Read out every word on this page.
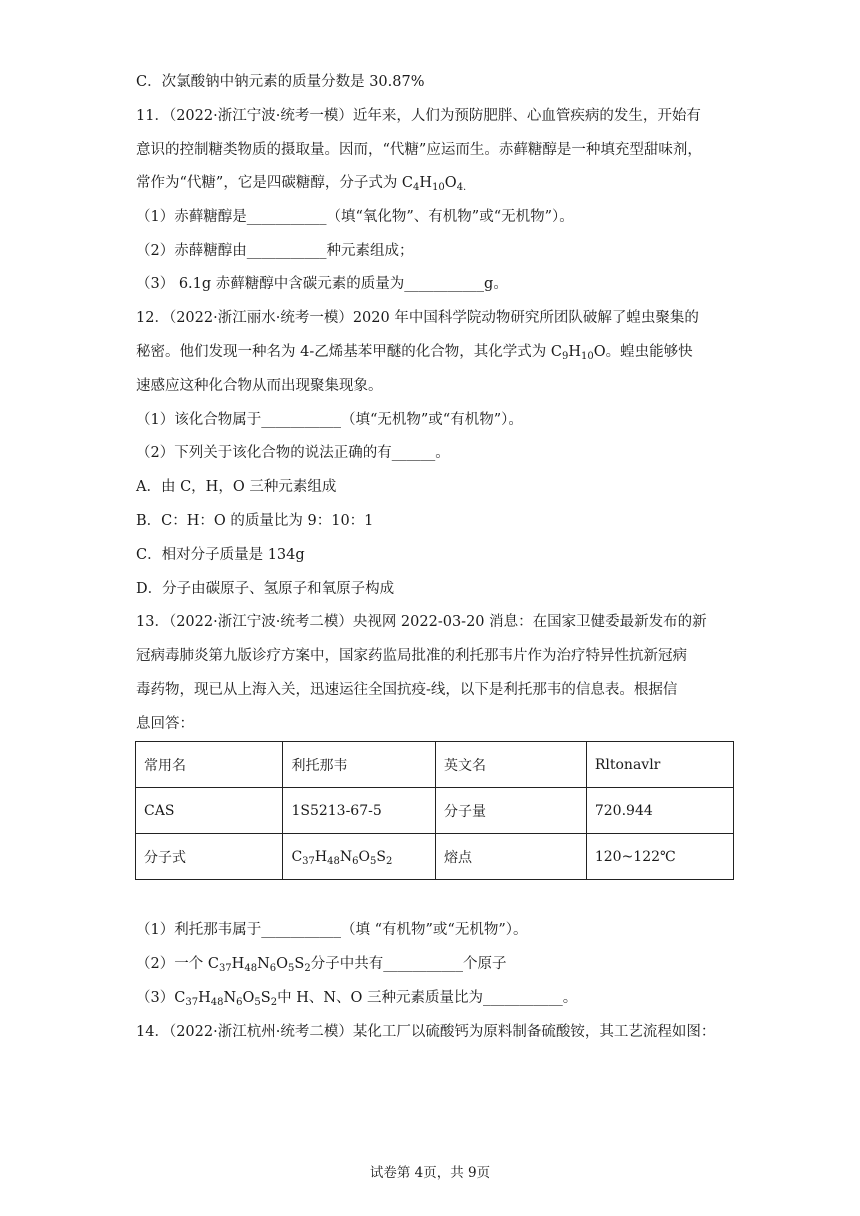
C．次氯酸钠中钠元素的质量分数是 30.87%
11．（2022·浙江宁波·统考一模）近年来，人们为预防肥胖、心血管疾病的发生，开始有
意识的控制糖类物质的摄取量。因而，“代糖”应运而生。赤藓糖醇是一种填充型甜味剂，
常作为“代糖”，它是四碳糖醇，分子式为 $C_4H_{10}O_{4.}$
（1）赤藓糖醇是___________（填“氧化物”、有机物”或“无机物”）。
（2）赤薛糖醇由___________种元素组成；
（3） 6.1g 赤藓糖醇中含碳元素的质量为___________g。
12．（2022·浙江丽水·统考一模）2020 年中国科学院动物研究所团队破解了蝗虫聚集的
秘密。他们发现一种名为 4-乙烯基苯甲醚的化合物，其化学式为 $C_9H_{10}O$。蝗虫能够快
速感应这种化合物从而出现聚集现象。
（1）该化合物属于___________（填“无机物”或“有机物”）。
（2）下列关于该化合物的说法正确的有______。
A．由 C，H，O 三种元素组成
B．C：H：O 的质量比为 9：10：1
C．相对分子质量是 134g
D．分子由碳原子、氢原子和氧原子构成
13．（2022·浙江宁波·统考二模）央视网 2022-03-20 消息：在国家卫健委最新发布的新
冠病毒肺炎第九版诊疗方案中，国家药监局批准的利托那韦片作为治疗特异性抗新冠病
毒药物，现已从上海入关，迅速运往全国抗疫-线，以下是利托那韦的信息表。根据信
息回答：
常用名	利托那韦	英文名	Rltonavlr
CAS	1S5213-67-5	分子量	720.944
分子式	$C_{37}H_{48}N_6O_5S_2$	熔点	120~122℃
（1）利托那韦属于___________（填 “有机物”或“无机物”）。
（2）一个 $C_{37}H_{48}N_6O_5S_2$分子中共有___________个原子
$(3)C_{37}H_{48}N_6O_5S_2$中 H、N、O 三种元素质量比为___________。
14．（2022·浙江杭州·统考二模）某化工厂以硫酸钙为原料制备硫酸铵，其工艺流程如图：
试卷第 4页，共 9页
